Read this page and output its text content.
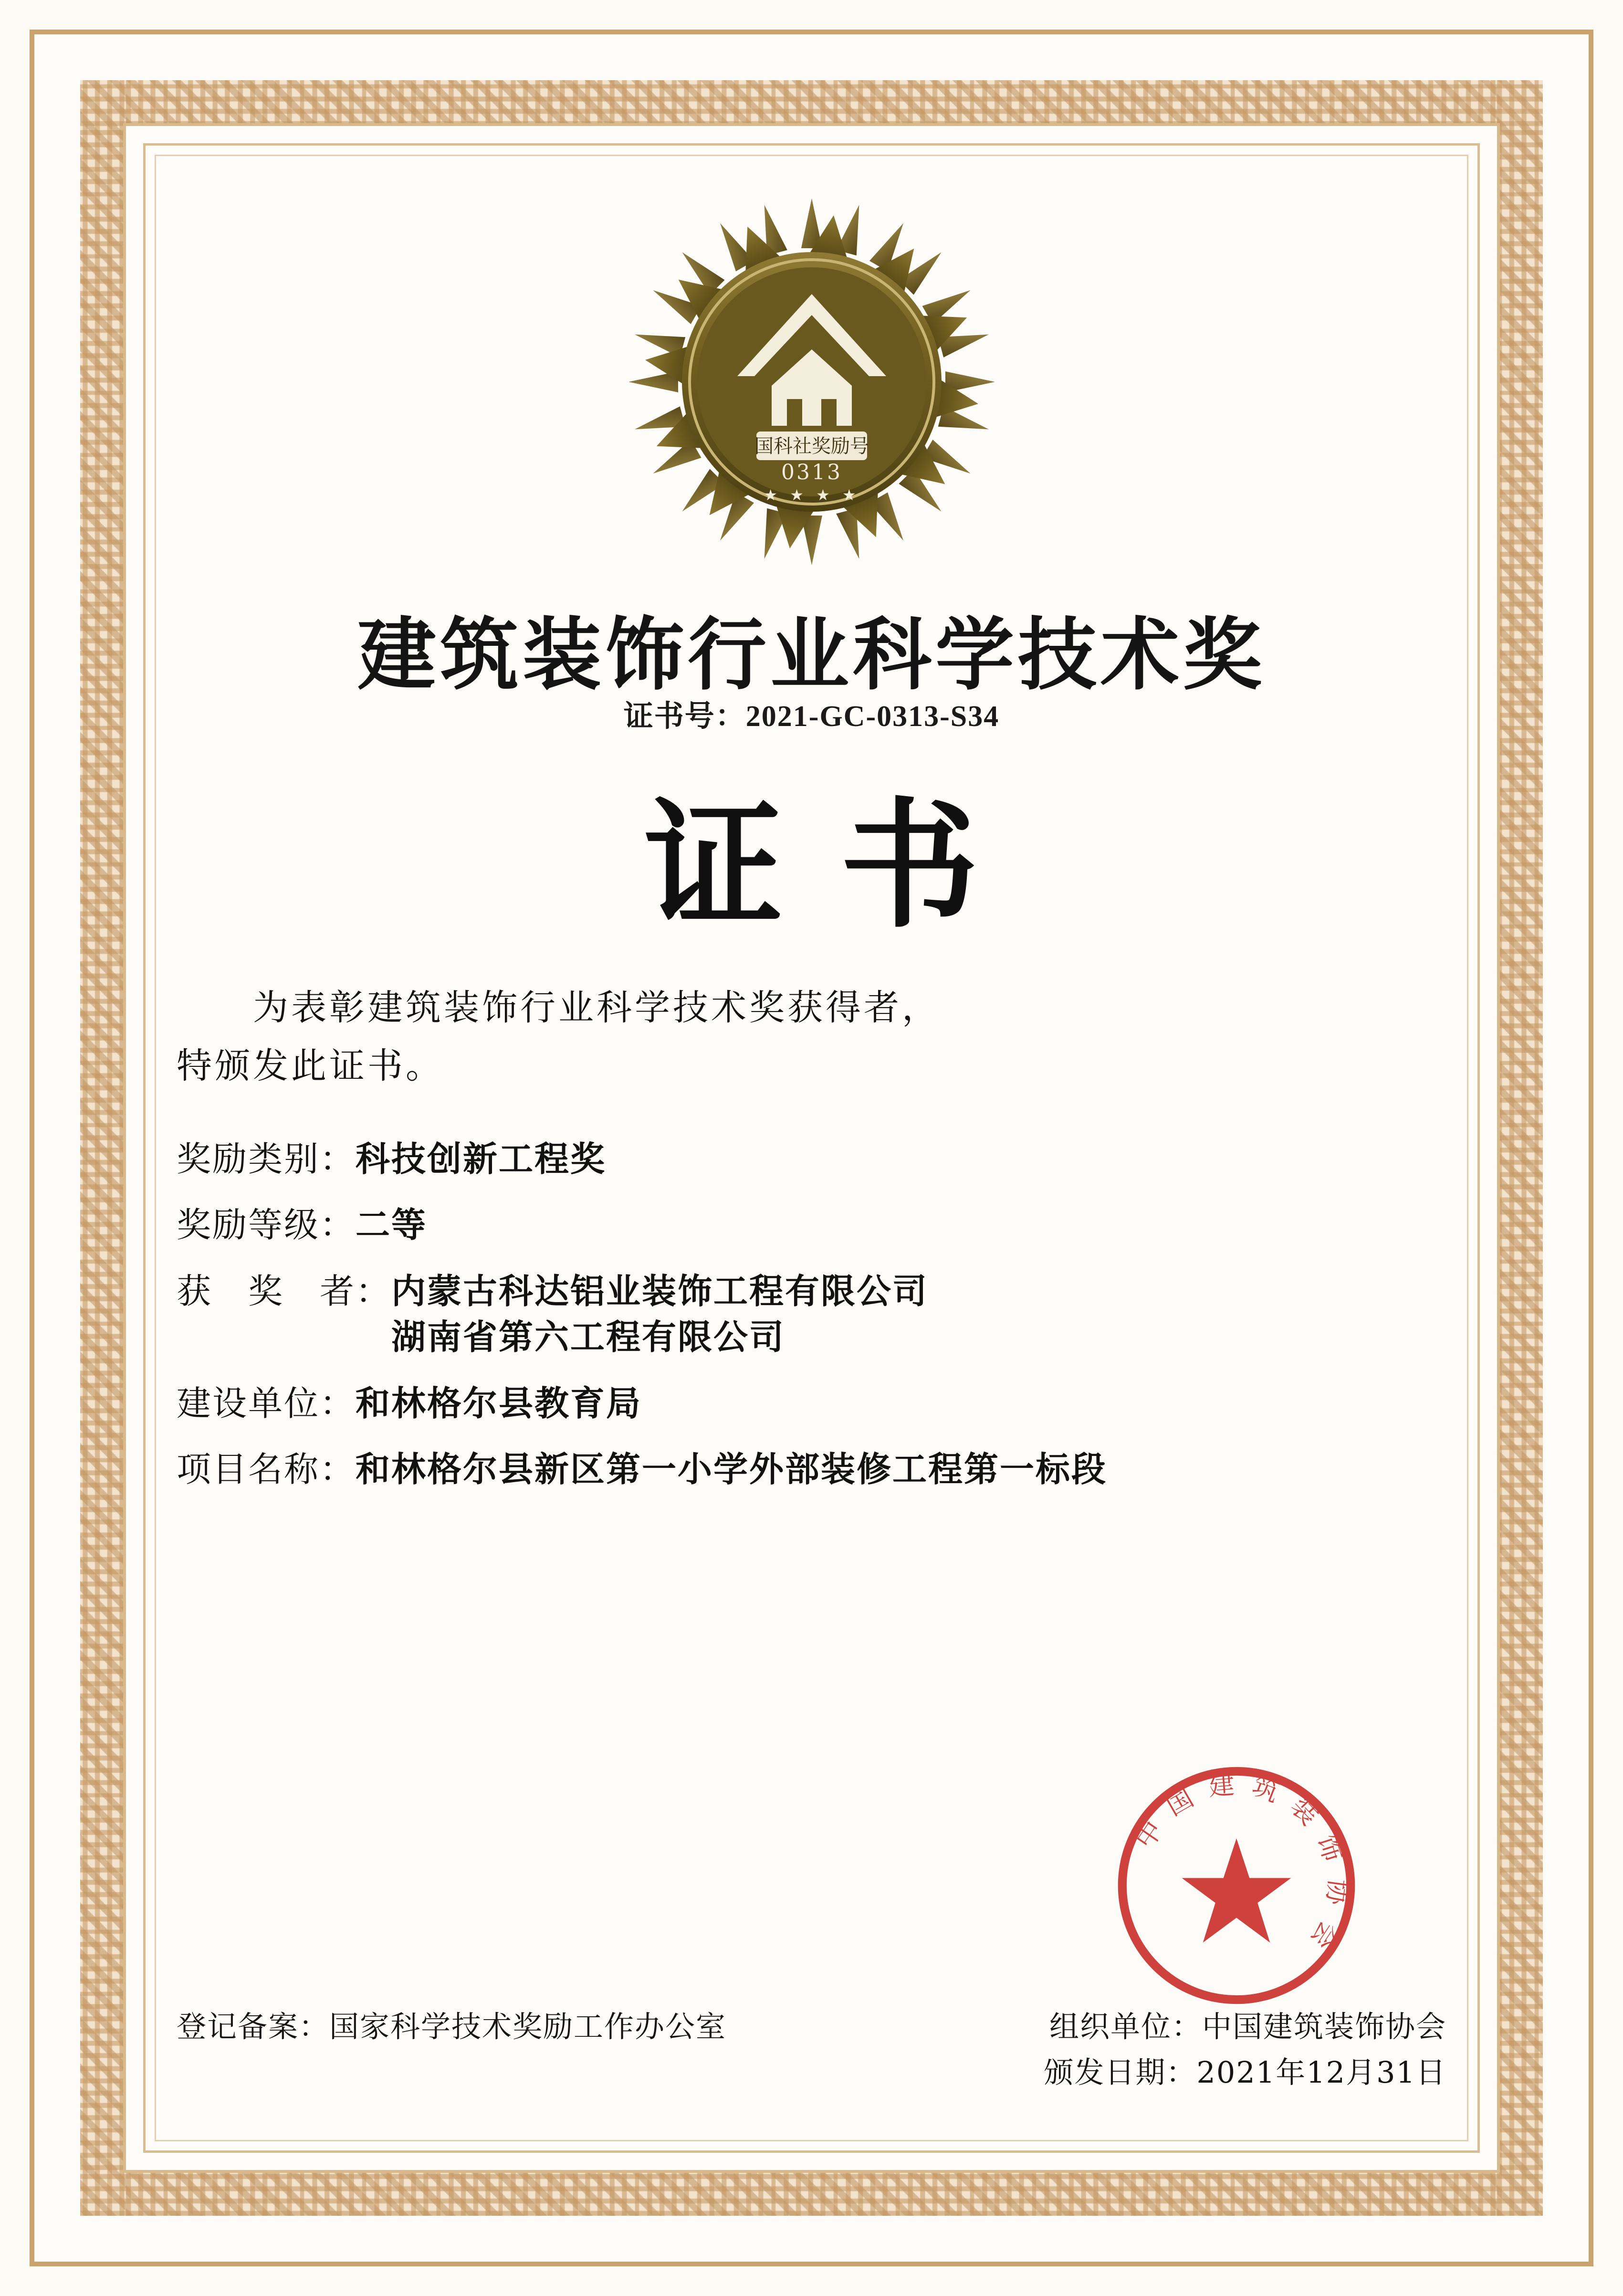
国科社奖励号
0313
★ ★ ★ ★
建筑装饰行业科学技术奖
证书号：2021-GC-0313-S34
证书
为表彰建筑装饰行业科学技术奖获得者，
特颁发此证书。
奖励类别： 科技创新工程奖
奖励等级： 二等
获　奖　者： 内蒙古科达铝业装饰工程有限公司
湖南省第六工程有限公司
建设单位： 和林格尔县教育局
项目名称： 和林格尔县新区第一小学外部装修工程第一标段
中国建筑装饰协会
登记备案：国家科学技术奖励工作办公室	组织单位：中国建筑装饰协会
颁发日期：2021年12月31日
